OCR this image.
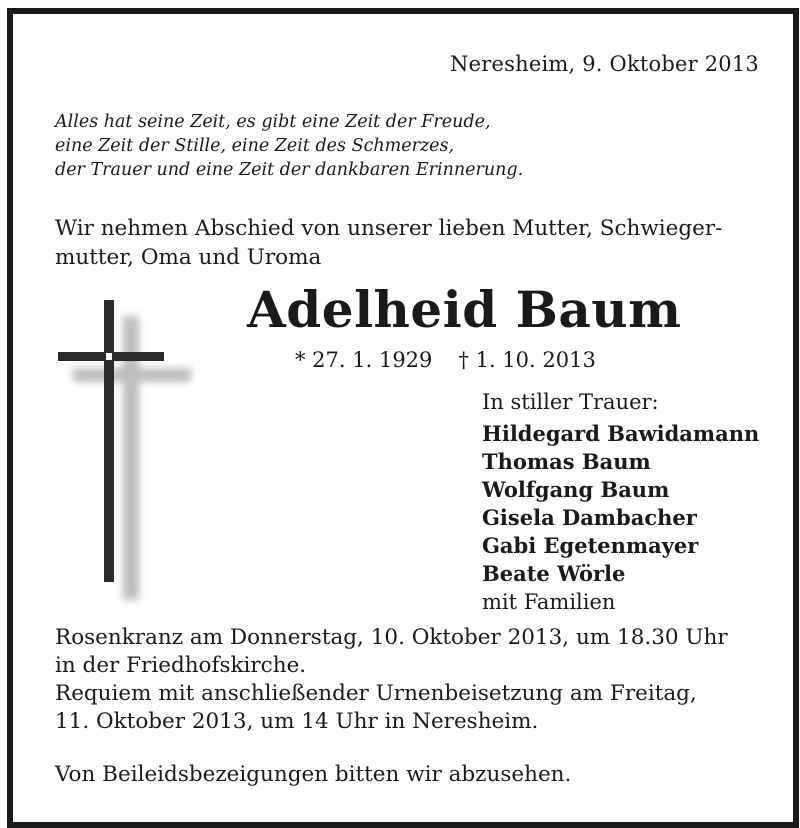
Neresheim, 9. Oktober 2013
Alles hat seine Zeit, es gibt eine Zeit der Freude,
eine Zeit der Stille, eine Zeit des Schmerzes,
der Trauer und eine Zeit der dankbaren Erinnerung.
Wir nehmen Abschied von unserer lieben Mutter, Schwieger-
mutter, Oma und Uroma
Adelheid Baum
* 27. 1. 1929 † 1. 10. 2013
In stiller Trauer:
Hildegard Bawidamann
Thomas Baum
Wolfgang Baum
Gisela Dambacher
Gabi Egetenmayer
Beate Wörle
mit Familien
Rosenkranz am Donnerstag, 10. Oktober 2013, um 18.30 Uhr
in der Friedhofskirche.
Requiem mit anschließender Urnenbeisetzung am Freitag,
11. Oktober 2013, um 14 Uhr in Neresheim.
Von Beileidsbezeigungen bitten wir abzusehen.
